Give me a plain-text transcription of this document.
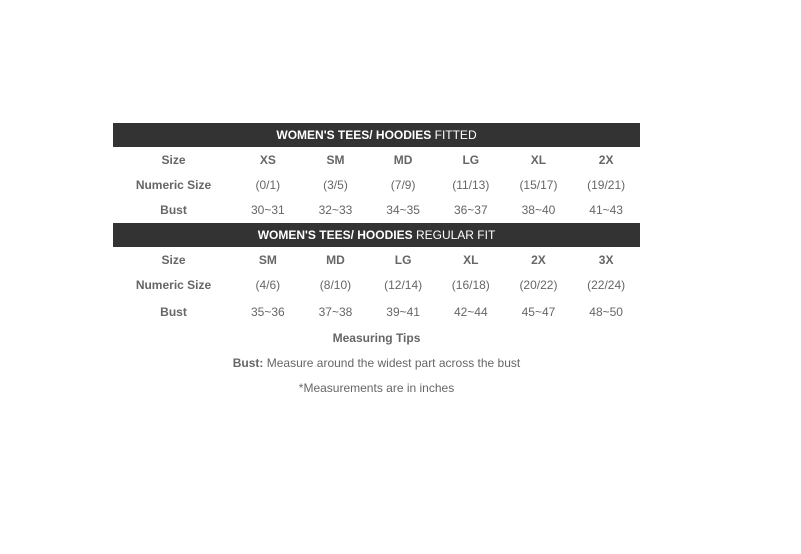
WOMEN'S TEES/ HOODIES FITTED
Size	XS	SM	MD	LG	XL	2X
Numeric Size	(0/1)	(3/5)	(7/9)	(11/13)	(15/17)	(19/21)
Bust	30~31	32~33	34~35	36~37	38~40	41~43
WOMEN'S TEES/ HOODIES REGULAR FIT
Size	SM	MD	LG	XL	2X	3X
Numeric Size	(4/6)	(8/10)	(12/14)	(16/18)	(20/22)	(22/24)
Bust	35~36	37~38	39~41	42~44	45~47	48~50
Measuring Tips
Bust: Measure around the widest part across the bust
*Measurements are in inches
